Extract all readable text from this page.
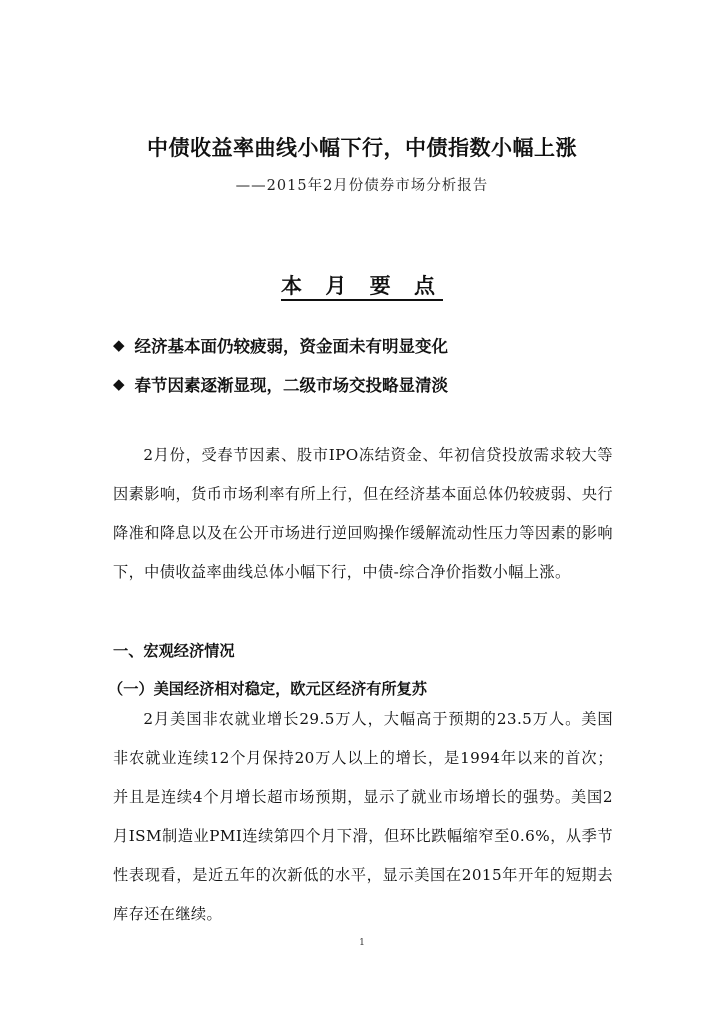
中债收益率曲线小幅下行，中债指数小幅上涨
——2015年2月份债券市场分析报告
本 月 要 点
◆ 经济基本面仍较疲弱，资金面未有明显变化
◆ 春节因素逐渐显现，二级市场交投略显清淡
2月份，受春节因素、股市IPO冻结资金、年初信贷投放需求较大等因素影响，货币市场利率有所上行，但在经济基本面总体仍较疲弱、央行降准和降息以及在公开市场进行逆回购操作缓解流动性压力等因素的影响下，中债收益率曲线总体小幅下行，中债-综合净价指数小幅上涨。
一、宏观经济情况
（一）美国经济相对稳定，欧元区经济有所复苏
2月美国非农就业增长29.5万人，大幅高于预期的23.5万人。美国非农就业连续12个月保持20万人以上的增长，是1994年以来的首次；并且是连续4个月增长超市场预期，显示了就业市场增长的强势。美国2月ISM制造业PMI连续第四个月下滑，但环比跌幅缩窄至0.6%，从季节性表现看，是近五年的次新低的水平，显示美国在2015年开年的短期去库存还在继续。
1
